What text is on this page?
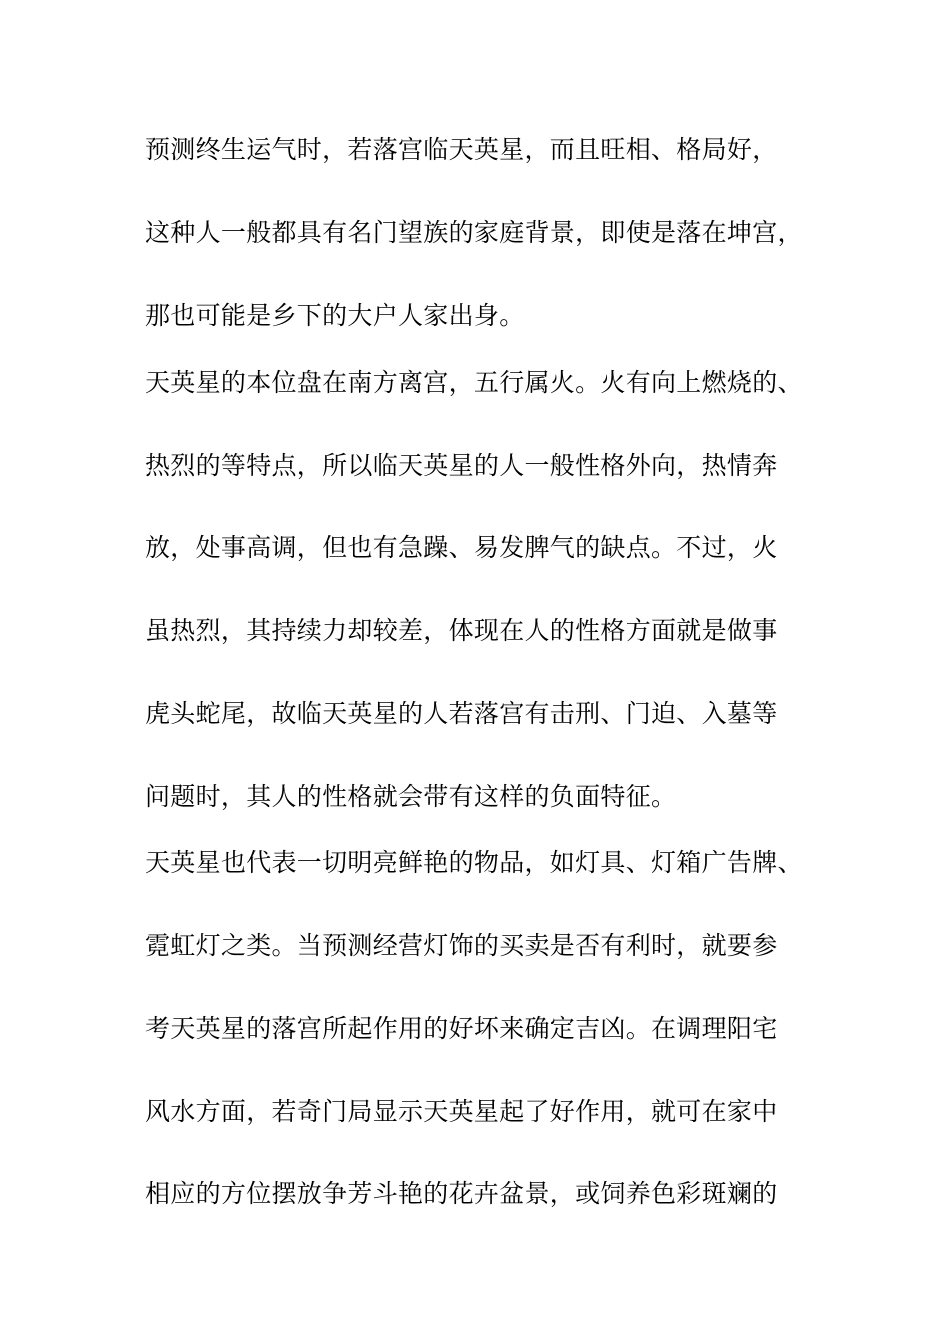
预测终生运气时，若落宫临天英星，而且旺相、格局好，
这种人一般都具有名门望族的家庭背景，即使是落在坤宫，
那也可能是乡下的大户人家出身。
天英星的本位盘在南方离宫，五行属火。火有向上燃烧的、
热烈的等特点，所以临天英星的人一般性格外向，热情奔
放，处事高调，但也有急躁、易发脾气的缺点。不过，火
虽热烈，其持续力却较差，体现在人的性格方面就是做事
虎头蛇尾，故临天英星的人若落宫有击刑、门迫、入墓等
问题时，其人的性格就会带有这样的负面特征。
天英星也代表一切明亮鲜艳的物品，如灯具、灯箱广告牌、
霓虹灯之类。当预测经营灯饰的买卖是否有利时，就要参
考天英星的落宫所起作用的好坏来确定吉凶。在调理阳宅
风水方面，若奇门局显示天英星起了好作用，就可在家中
相应的方位摆放争芳斗艳的花卉盆景，或饲养色彩斑斓的
